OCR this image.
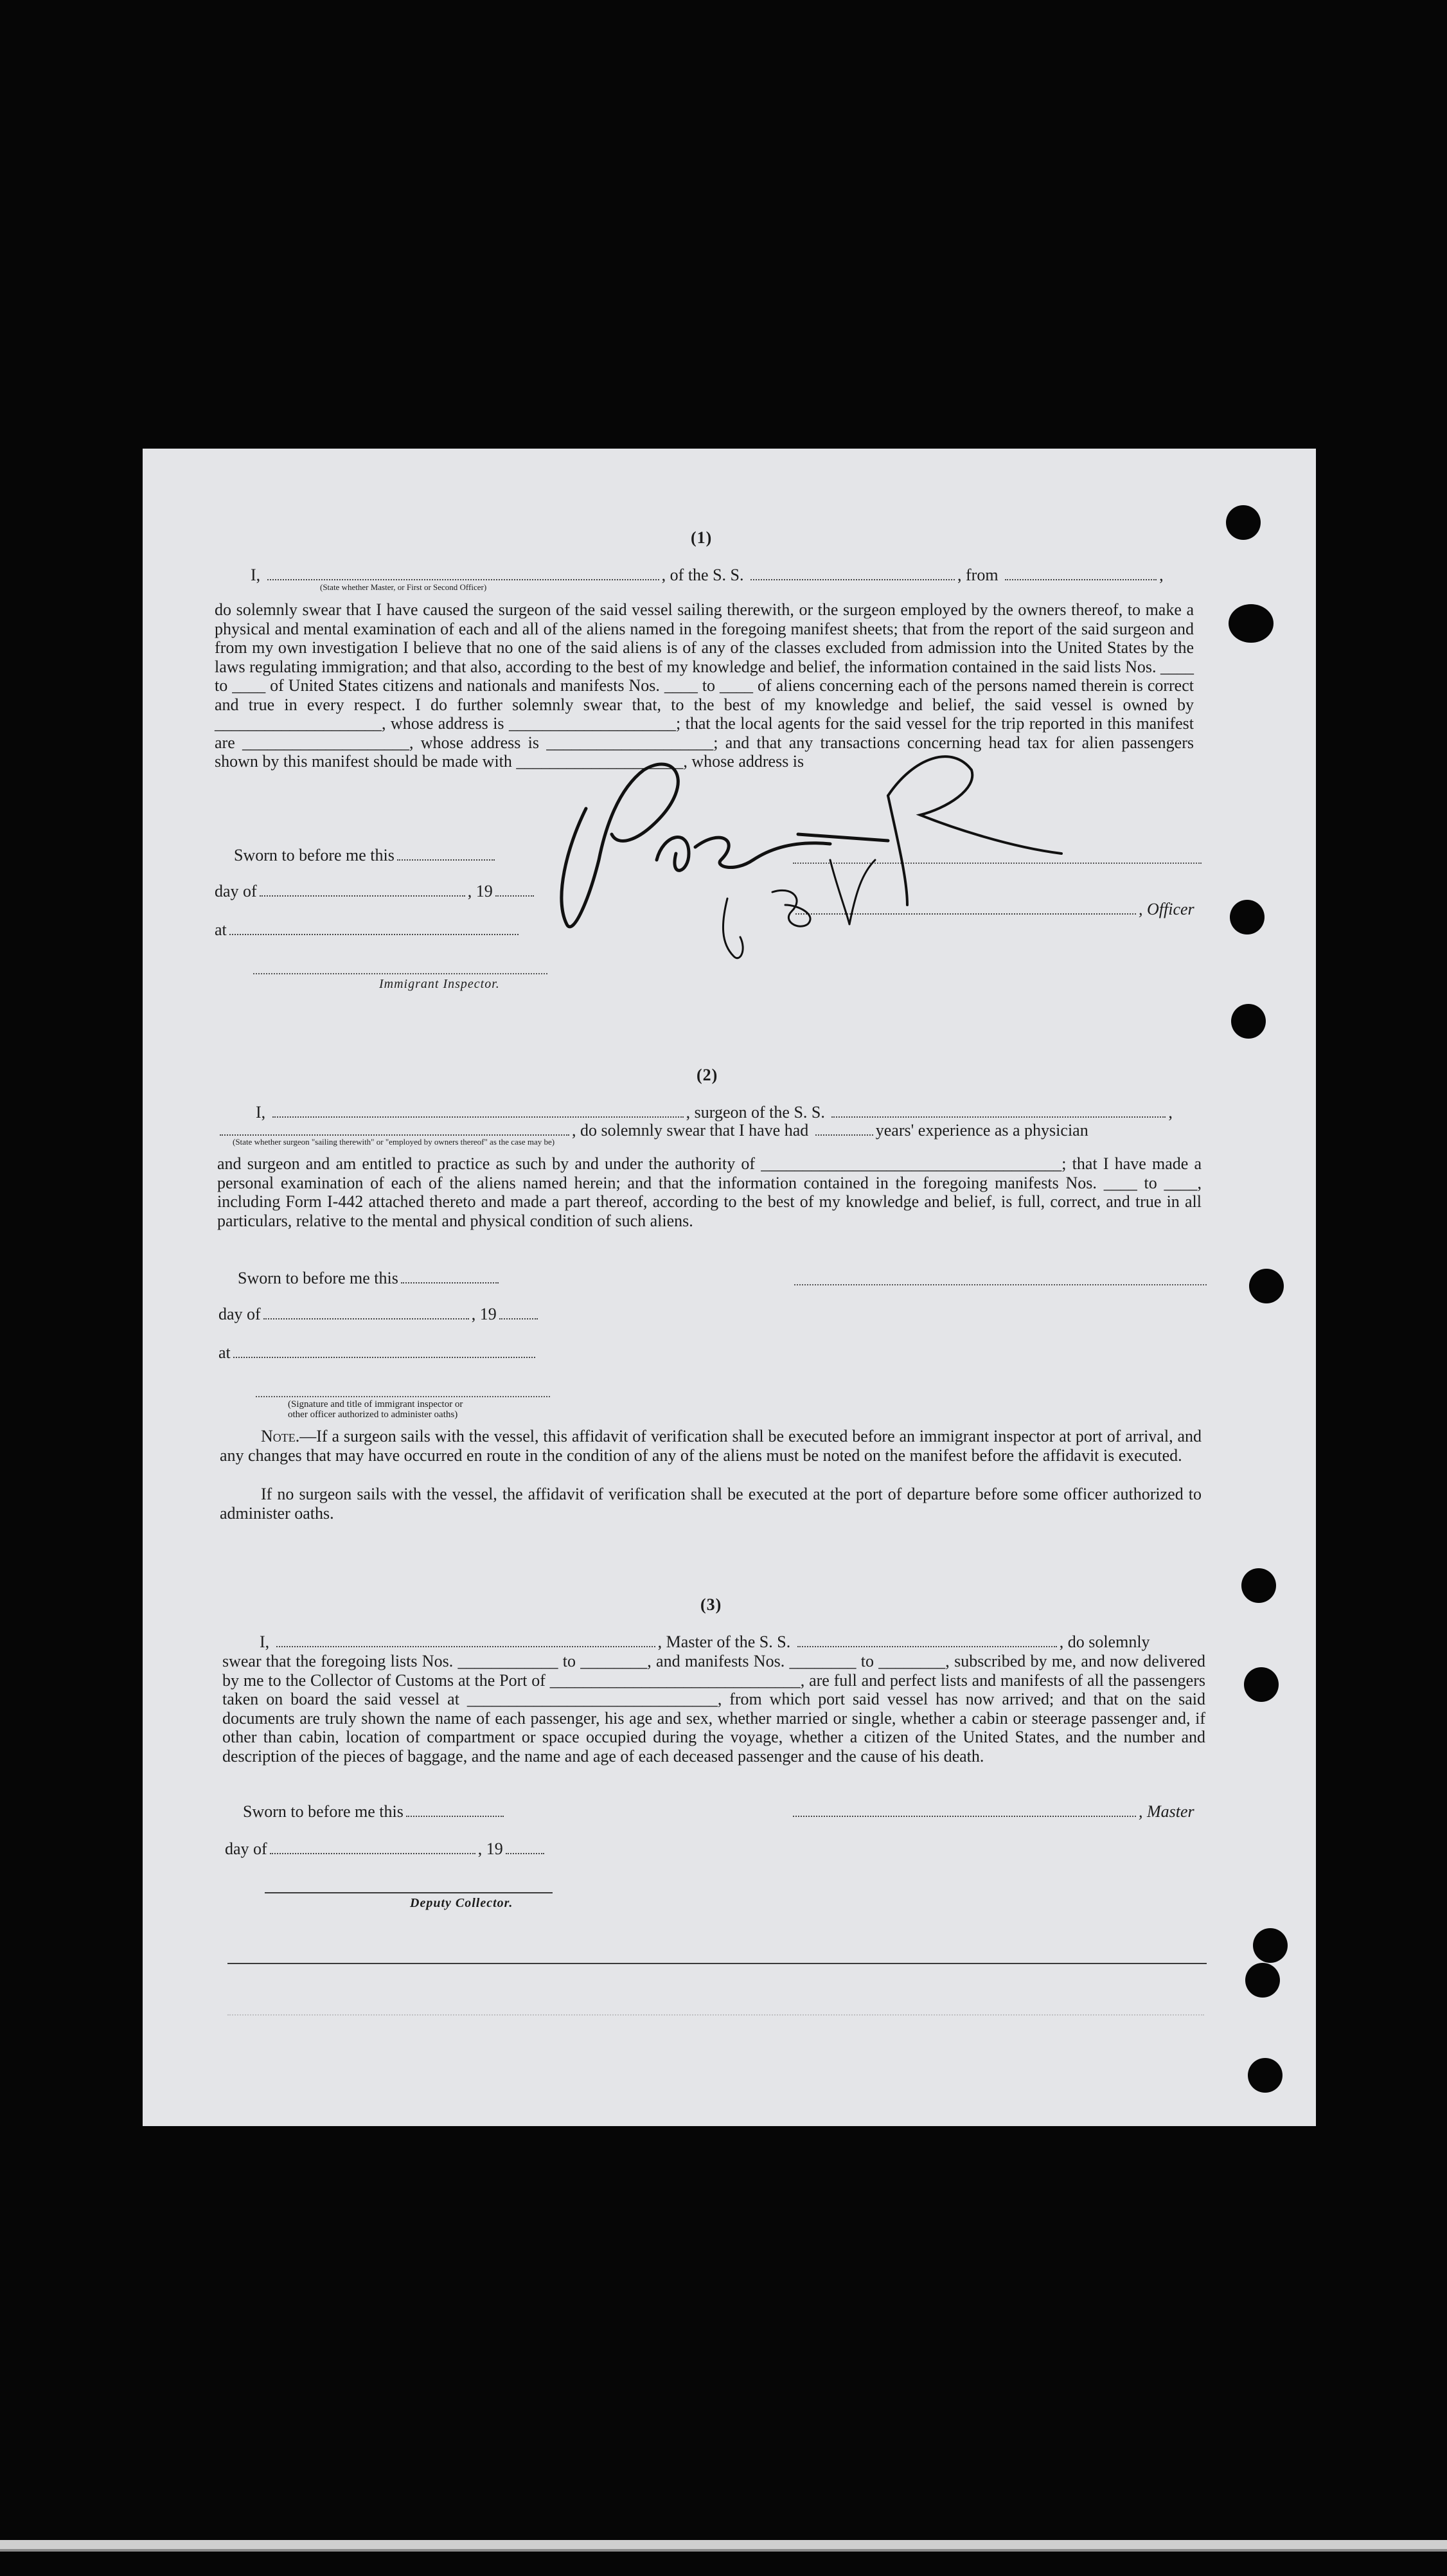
(1)
I,	, of the S. S.	, from	,
(State whether Master, or First or Second Officer)
do solemnly swear that I have caused the surgeon of the said vessel sailing therewith, or the surgeon employed by the owners thereof, to make a physical and mental examination of each and all of the aliens named in the foregoing manifest sheets; that from the report of the said surgeon and from my own investigation I believe that no one of the said aliens is of any of the classes excluded from admission into the United States by the laws regulating immigration; and that also, according to the best of my knowledge and belief, the information contained in the said lists Nos. ____ to ____ of United States citizens and nationals and manifests Nos. ____ to ____ of aliens concerning each of the persons named therein is correct and true in every respect. I do further solemnly swear that, to the best of my knowledge and belief, the said vessel is owned by ____________________, whose address is ____________________; that the local agents for the said vessel for the trip reported in this manifest are ____________________, whose address is ____________________; and that any transactions concerning head tax for alien passengers shown by this manifest should be made with ____________________, whose address is
Sworn to before me this
day of	, 19
, Officer
at
Immigrant Inspector.
(2)
I,	, surgeon of the S. S.	,
, do solemnly swear that I have had	years' experience as a physician
(State whether surgeon "sailing therewith" or "employed by owners thereof" as the case may be)
and surgeon and am entitled to practice as such by and under the authority of ____________________________________; that I have made a personal examination of each of the aliens named herein; and that the information contained in the foregoing manifests Nos. ____ to ____, including Form I-442 attached thereto and made a part thereof, according to the best of my knowledge and belief, is full, correct, and true in all particulars, relative to the mental and physical condition of such aliens.
Sworn to before me this
day of	, 19
at
(Signature and title of immigrant inspector or
other officer authorized to administer oaths)
Note.—If a surgeon sails with the vessel, this affidavit of verification shall be executed before an immigrant inspector at port of arrival, and any changes that may have occurred en route in the condition of any of the aliens must be noted on the manifest before the affidavit is executed.
If no surgeon sails with the vessel, the affidavit of verification shall be executed at the port of departure before some officer authorized to administer oaths.
(3)
I,	, Master of the S. S.	, do solemnly
swear that the foregoing lists Nos. ____________ to ________, and manifests Nos. ________ to ________, subscribed by me, and now delivered by me to the Collector of Customs at the Port of ______________________________, are full and perfect lists and manifests of all the passengers taken on board the said vessel at ______________________________, from which port said vessel has now arrived; and that on the said documents are truly shown the name of each passenger, his age and sex, whether married or single, whether a cabin or steerage passenger and, if other than cabin, location of compartment or space occupied during the voyage, whether a citizen of the United States, and the number and description of the pieces of baggage, and the name and age of each deceased passenger and the cause of his death.
Sworn to before me this	, Master
day of	, 19
Deputy Collector.
